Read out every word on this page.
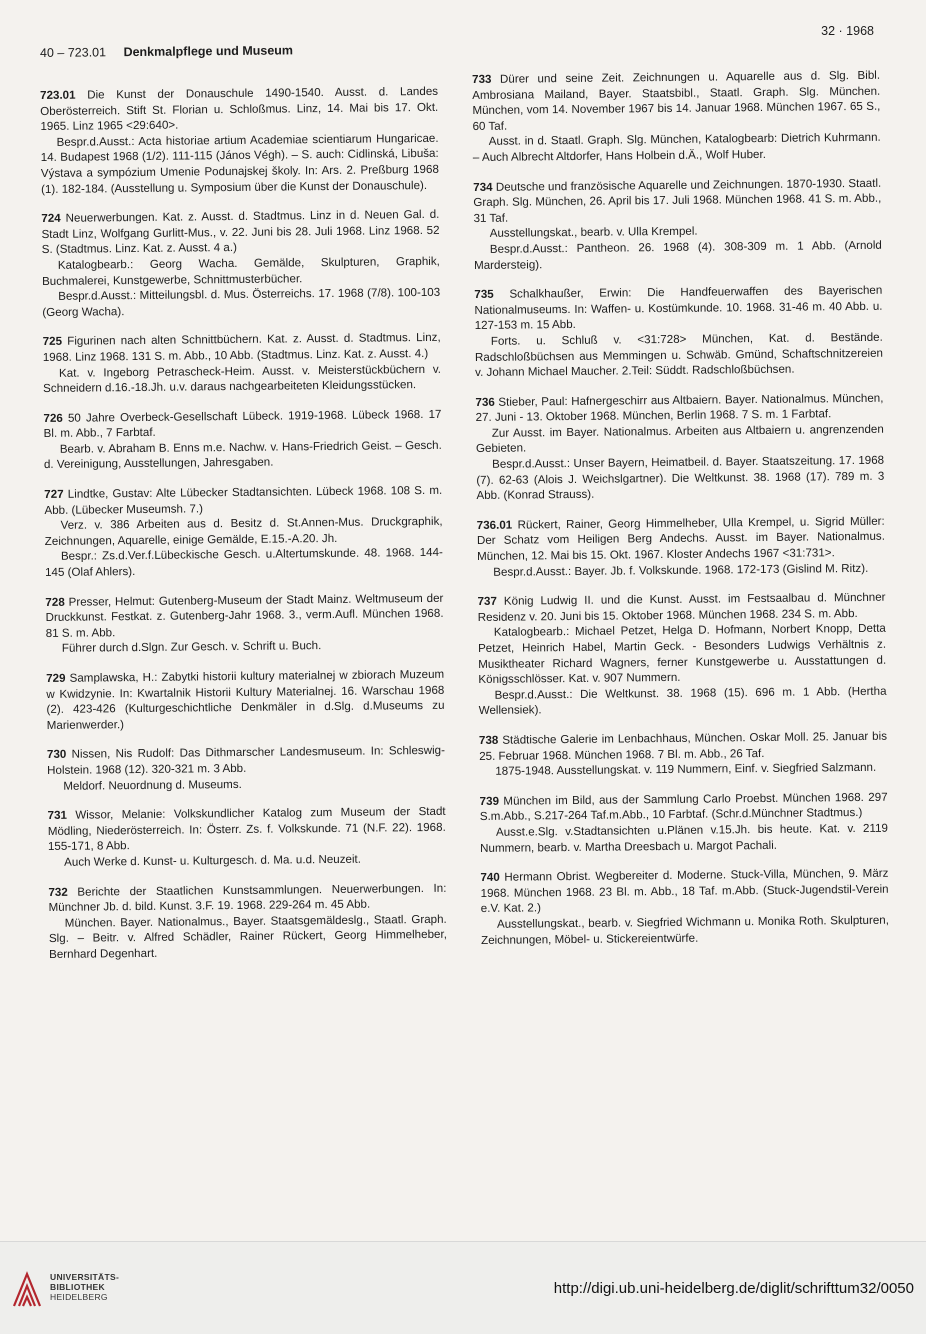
40 – 723.01 Denkmalpflege und Museum
32 · 1968

723.01 Die Kunst der Donauschule 1490-1540. Ausst. d. Landes Oberösterreich. Stift St. Florian u. Schloßmus. Linz, 14. Mai bis 17. Okt. 1965. Linz 1965 <29:640>.

Bespr.d.Ausst.: Acta historiae artium Academiae scientiarum Hungaricae. 14. Budapest 1968 (1/2). 111-115 (János Végh). – S. auch: Cidlinská, Libuša: Výstava a sympózium Umenie Podunajskej školy. In: Ars. 2. Preßburg 1968 (1). 182-184. (Ausstellung u. Symposium über die Kunst der Donauschule).

724 Neuerwerbungen. Kat. z. Ausst. d. Stadtmus. Linz in d. Neuen Gal. d. Stadt Linz, Wolfgang Gurlitt-Mus., v. 22. Juni bis 28. Juli 1968. Linz 1968. 52 S. (Stadtmus. Linz. Kat. z. Ausst. 4 a.)

Katalogbearb.: Georg Wacha. Gemälde, Skulpturen, Graphik, Buchmalerei, Kunstgewerbe, Schnittmusterbücher.

Bespr.d.Ausst.: Mitteilungsbl. d. Mus. Österreichs. 17. 1968 (7/8). 100-103 (Georg Wacha).

725 Figurinen nach alten Schnittbüchern. Kat. z. Ausst. d. Stadtmus. Linz, 1968. Linz 1968. 131 S. m. Abb., 10 Abb. (Stadtmus. Linz. Kat. z. Ausst. 4.)

Kat. v. Ingeborg Petrascheck-Heim. Ausst. v. Meisterstückbüchern v. Schneidern d.16.-18.Jh. u.v. daraus nachgearbeiteten Kleidungsstücken.

726 50 Jahre Overbeck-Gesellschaft Lübeck. 1919-1968. Lübeck 1968. 17 Bl. m. Abb., 7 Farbtaf.

Bearb. v. Abraham B. Enns m.e. Nachw. v. Hans-Friedrich Geist. – Gesch. d. Vereinigung, Ausstellungen, Jahresgaben.

727 Lindtke, Gustav: Alte Lübecker Stadtansichten. Lübeck 1968. 108 S. m. Abb. (Lübecker Museumsh. 7.)

Verz. v. 386 Arbeiten aus d. Besitz d. St.Annen-Mus. Druckgraphik, Zeichnungen, Aquarelle, einige Gemälde, E.15.-A.20. Jh.

Bespr.: Zs.d.Ver.f.Lübeckische Gesch. u.Altertumskunde. 48. 1968. 144-145 (Olaf Ahlers).

728 Presser, Helmut: Gutenberg-Museum der Stadt Mainz. Weltmuseum der Druckkunst. Festkat. z. Gutenberg-Jahr 1968. 3., verm.Aufl. München 1968. 81 S. m. Abb.

Führer durch d.Slgn. Zur Gesch. v. Schrift u. Buch.

729 Samplawska, H.: Zabytki historii kultury materialnej w zbiorach Muzeum w Kwidzynie. In: Kwartalnik Historii Kultury Materialnej. 16. Warschau 1968 (2). 423-426 (Kulturgeschichtliche Denkmäler in d.Slg. d.Museums zu Marienwerder.)

730 Nissen, Nis Rudolf: Das Dithmarscher Landesmuseum. In: Schleswig-Holstein. 1968 (12). 320-321 m. 3 Abb.

Meldorf. Neuordnung d. Museums.

731 Wissor, Melanie: Volkskundlicher Katalog zum Museum der Stadt Mödling, Niederösterreich. In: Österr. Zs. f. Volkskunde. 71 (N.F. 22). 1968. 155-171, 8 Abb.

Auch Werke d. Kunst- u. Kulturgesch. d. Ma. u.d. Neuzeit.

732 Berichte der Staatlichen Kunstsammlungen. Neuerwerbungen. In: Münchner Jb. d. bild. Kunst. 3.F. 19. 1968. 229-264 m. 45 Abb.

München. Bayer. Nationalmus., Bayer. Staatsgemäldeslg., Staatl. Graph. Slg. – Beitr. v. Alfred Schädler, Rainer Rückert, Georg Himmelheber, Bernhard Degenhart.

733 Dürer und seine Zeit. Zeichnungen u. Aquarelle aus d. Slg. Bibl. Ambrosiana Mailand, Bayer. Staatsbibl., Staatl. Graph. Slg. München. München, vom 14. November 1967 bis 14. Januar 1968. München 1967. 65 S., 60 Taf.

Ausst. in d. Staatl. Graph. Slg. München, Katalogbearb: Dietrich Kuhrmann. – Auch Albrecht Altdorfer, Hans Holbein d.Ä., Wolf Huber.

734 Deutsche und französische Aquarelle und Zeichnungen. 1870-1930. Staatl. Graph. Slg. München, 26. April bis 17. Juli 1968. München 1968. 41 S. m. Abb., 31 Taf.

Ausstellungskat., bearb. v. Ulla Krempel.

Bespr.d.Ausst.: Pantheon. 26. 1968 (4). 308-309 m. 1 Abb. (Arnold Mardersteig).

735 Schalkhaußer, Erwin: Die Handfeuerwaffen des Bayerischen Nationalmuseums. In: Waffen- u. Kostümkunde. 10. 1968. 31-46 m. 40 Abb. u. 127-153 m. 15 Abb.

Forts. u. Schluß v. <31:728> München, Kat. d. Bestände. Radschloßbüchsen aus Memmingen u. Schwäb. Gmünd, Schaftschnitzereien v. Johann Michael Maucher. 2.Teil: Süddt. Radschloßbüchsen.

736 Stieber, Paul: Hafnergeschirr aus Altbaiern. Bayer. Nationalmus. München, 27. Juni - 13. Oktober 1968. München, Berlin 1968. 7 S. m. 1 Farbtaf.

Zur Ausst. im Bayer. Nationalmus. Arbeiten aus Altbaiern u. angrenzenden Gebieten.

Bespr.d.Ausst.: Unser Bayern, Heimatbeil. d. Bayer. Staatszeitung. 17. 1968 (7). 62-63 (Alois J. Weichslgartner). Die Weltkunst. 38. 1968 (17). 789 m. 3 Abb. (Konrad Strauss).

736.01 Rückert, Rainer, Georg Himmelheber, Ulla Krempel, u. Sigrid Müller: Der Schatz vom Heiligen Berg Andechs. Ausst. im Bayer. Nationalmus. München, 12. Mai bis 15. Okt. 1967. Kloster Andechs 1967 <31:731>.

Bespr.d.Ausst.: Bayer. Jb. f. Volkskunde. 1968. 172-173 (Gislind M. Ritz).

737 König Ludwig II. und die Kunst. Ausst. im Festsaalbau d. Münchner Residenz v. 20. Juni bis 15. Oktober 1968. München 1968. 234 S. m. Abb.

Katalogbearb.: Michael Petzet, Helga D. Hofmann, Norbert Knopp, Detta Petzet, Heinrich Habel, Martin Geck. - Besonders Ludwigs Verhältnis z. Musiktheater Richard Wagners, ferner Kunstgewerbe u. Ausstattungen d. Königsschlösser. Kat. v. 907 Nummern.

Bespr.d.Ausst.: Die Weltkunst. 38. 1968 (15). 696 m. 1 Abb. (Hertha Wellensiek).

738 Städtische Galerie im Lenbachhaus, München. Oskar Moll. 25. Januar bis 25. Februar 1968. München 1968. 7 Bl. m. Abb., 26 Taf.

1875-1948. Ausstellungskat. v. 119 Nummern, Einf. v. Siegfried Salzmann.

739 München im Bild, aus der Sammlung Carlo Proebst. München 1968. 297 S.m.Abb., S.217-264 Taf.m.Abb., 10 Farbtaf. (Schr.d.Münchner Stadtmus.)

Ausst.e.Slg. v.Stadtansichten u.Plänen v.15.Jh. bis heute. Kat. v. 2119 Nummern, bearb. v. Martha Dreesbach u. Margot Pachali.

740 Hermann Obrist. Wegbereiter d. Moderne. Stuck-Villa, München, 9. März 1968. München 1968. 23 Bl. m. Abb., 18 Taf. m.Abb. (Stuck-Jugendstil-Verein e.V. Kat. 2.)

Ausstellungskat., bearb. v. Siegfried Wichmann u. Monika Roth. Skulpturen, Zeichnungen, Möbel- u. Stickereientwürfe.

UNIVERSITÄTS-
BIBLIOTHEK
HEIDELBERG	http://digi.ub.uni-heidelberg.de/diglit/schrifttum32/0050
